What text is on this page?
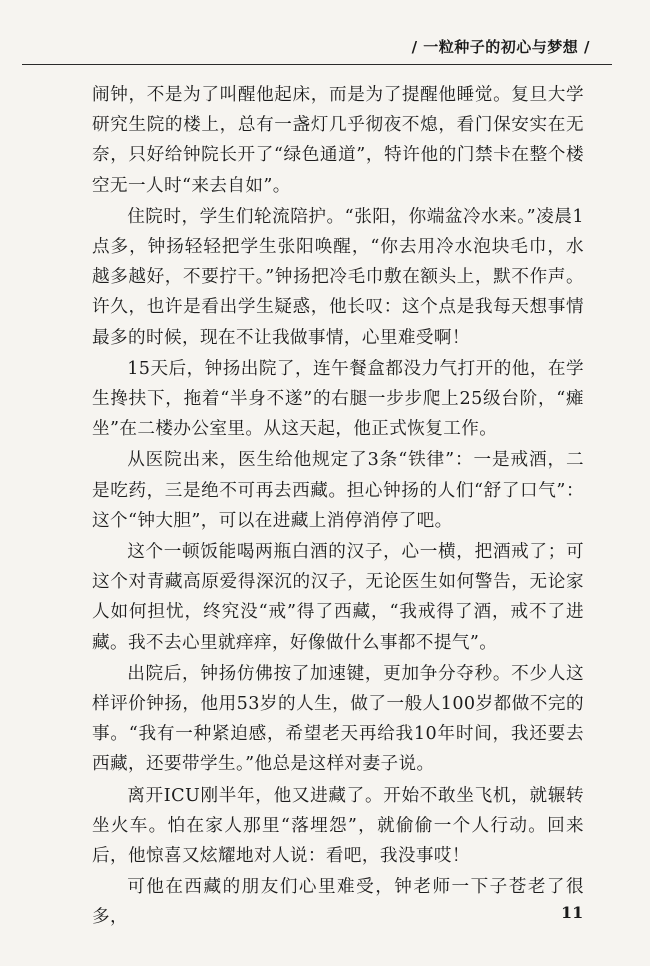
/ 一粒种子的初心与梦想 /

闹钟，不是为了叫醒他起床，而是为了提醒他睡觉。复旦大学研究生院的楼上，总有一盏灯几乎彻夜不熄，看门保安实在无奈，只好给钟院长开了“绿色通道”，特许他的门禁卡在整个楼空无一人时“来去自如”。

住院时，学生们轮流陪护。“张阳，你端盆冷水来。”凌晨1点多，钟扬轻轻把学生张阳唤醒，“你去用冷水泡块毛巾，水越多越好，不要拧干。”钟扬把冷毛巾敷在额头上，默不作声。许久，也许是看出学生疑惑，他长叹：这个点是我每天想事情最多的时候，现在不让我做事情，心里难受啊！

15天后，钟扬出院了，连午餐盒都没力气打开的他，在学生搀扶下，拖着“半身不遂”的右腿一步步爬上25级台阶，“瘫坐”在二楼办公室里。从这天起，他正式恢复工作。

从医院出来，医生给他规定了3条“铁律”：一是戒酒，二是吃药，三是绝不可再去西藏。担心钟扬的人们“舒了口气”：这个“钟大胆”，可以在进藏上消停消停了吧。

这个一顿饭能喝两瓶白酒的汉子，心一横，把酒戒了；可这个对青藏高原爱得深沉的汉子，无论医生如何警告，无论家人如何担忧，终究没“戒”得了西藏，“我戒得了酒，戒不了进藏。我不去心里就痒痒，好像做什么事都不提气”。

出院后，钟扬仿佛按了加速键，更加争分夺秒。不少人这样评价钟扬，他用53岁的人生，做了一般人100岁都做不完的事。“我有一种紧迫感，希望老天再给我10年时间，我还要去西藏，还要带学生。”他总是这样对妻子说。

离开ICU刚半年，他又进藏了。开始不敢坐飞机，就辗转坐火车。怕在家人那里“落埋怨”，就偷偷一个人行动。回来后，他惊喜又炫耀地对人说：看吧，我没事哎！

可他在西藏的朋友们心里难受，钟老师一下子苍老了很多，	11
